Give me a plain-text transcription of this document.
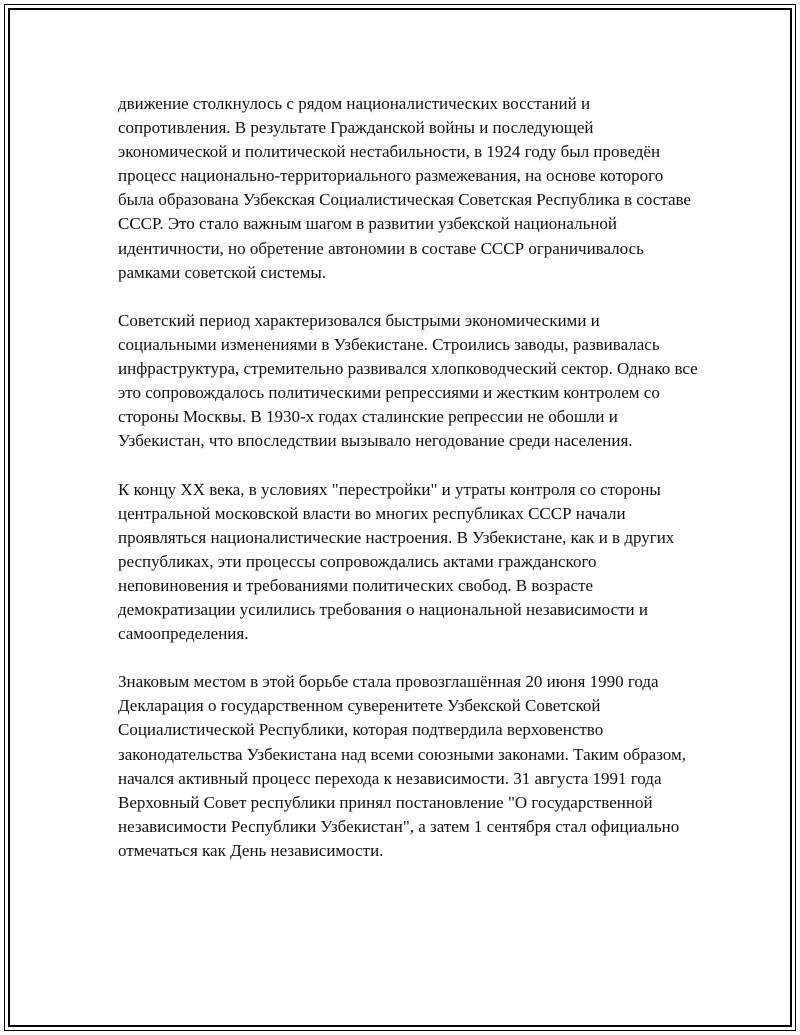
движение столкнулось с рядом националистических восстаний и сопротивления. В результате Гражданской войны и последующей экономической и политической нестабильности, в 1924 году был проведён процесс национально-территориального размежевания, на основе которого была образована Узбекская Социалистическая Советская Республика в составе СССР. Это стало важным шагом в развитии узбекской национальной идентичности, но обретение автономии в составе СССР ограничивалось рамками советской системы.

Советский период характеризовался быстрыми экономическими и социальными изменениями в Узбекистане. Строились заводы, развивалась инфраструктура, стремительно развивался хлопководческий сектор. Однако все это сопровождалось политическими репрессиями и жестким контролем со стороны Москвы. В 1930-х годах сталинские репрессии не обошли и Узбекистан, что впоследствии вызывало негодование среди населения.

К концу XX века, в условиях "перестройки" и утраты контроля со стороны центральной московской власти во многих республиках СССР начали проявляться националистические настроения. В Узбекистане, как и в других республиках, эти процессы сопровождались актами гражданского неповиновения и требованиями политических свобод. В возрасте демократизации усилились требования о национальной независимости и самоопределения.

Знаковым местом в этой борьбе стала провозглашённая 20 июня 1990 года Декларация о государственном суверенитете Узбекской Советской Социалистической Республики, которая подтвердила верховенство законодательства Узбекистана над всеми союзными законами. Таким образом, начался активный процесс перехода к независимости. 31 августа 1991 года Верховный Совет республики принял постановление "О государственной независимости Республики Узбекистан", а затем 1 сентября стал официально отмечаться как День независимости.
